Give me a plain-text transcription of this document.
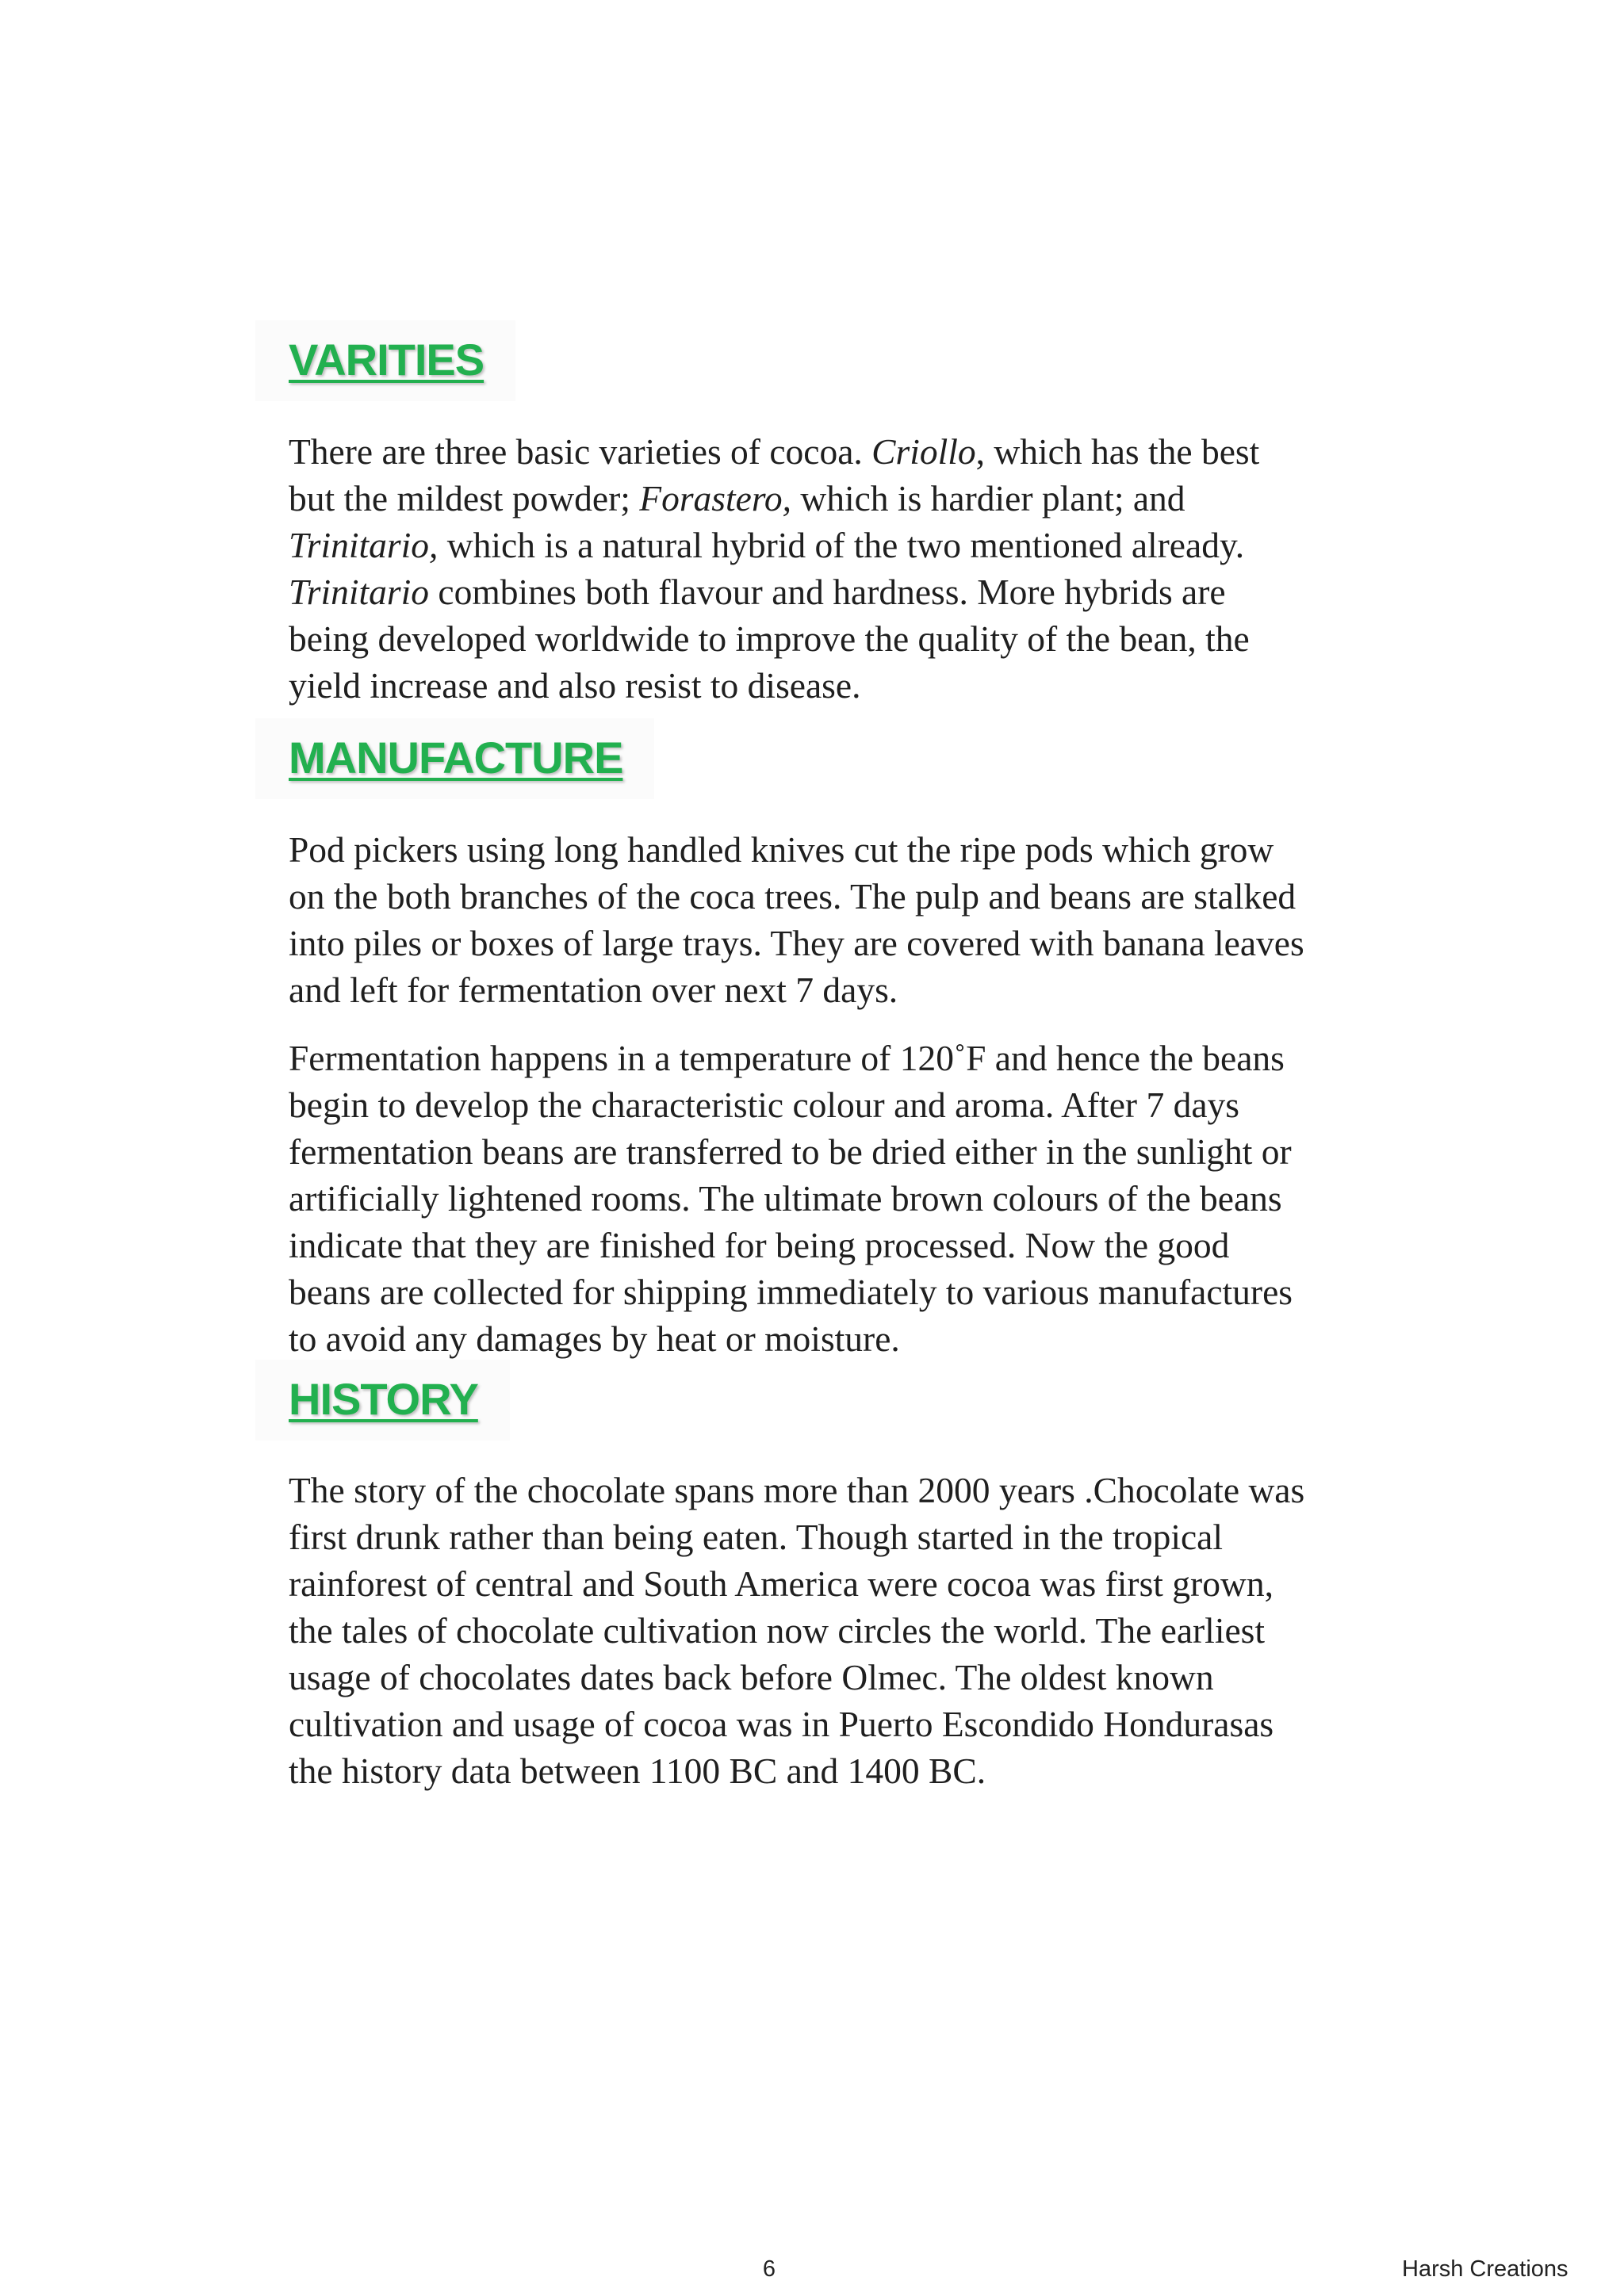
VARITIES

There are three basic varieties of cocoa. Criollo, which has the best
but the mildest powder; Forastero, which is hardier plant; and
Trinitario, which is a natural hybrid of the two mentioned already.
Trinitario combines both flavour and hardness. More hybrids are
being developed worldwide to improve the quality of the bean, the
yield increase and also resist to disease.

MANUFACTURE

Pod pickers using long handled knives cut the ripe pods which grow
on the both branches of the coca trees. The pulp and beans are stalked
into piles or boxes of large trays. They are covered with banana leaves
and left for fermentation over next 7 days.

Fermentation happens in a temperature of 120˚F and hence the beans
begin to develop the characteristic colour and aroma. After 7 days
fermentation beans are transferred to be dried either in the sunlight or
artificially lightened rooms. The ultimate brown colours of the beans
indicate that they are finished for being processed. Now the good
beans are collected for shipping immediately to various manufactures
to avoid any damages by heat or moisture.

HISTORY

The story of the chocolate spans more than 2000 years .Chocolate was
first drunk rather than being eaten. Though started in the tropical
rainforest of central and South America were cocoa was first grown,
the tales of chocolate cultivation now circles the world. The earliest
usage of chocolates dates back before Olmec. The oldest known
cultivation and usage of cocoa was in Puerto Escondido Hondurasas
the history data between 1100 BC and 1400 BC.

6	Harsh Creations
